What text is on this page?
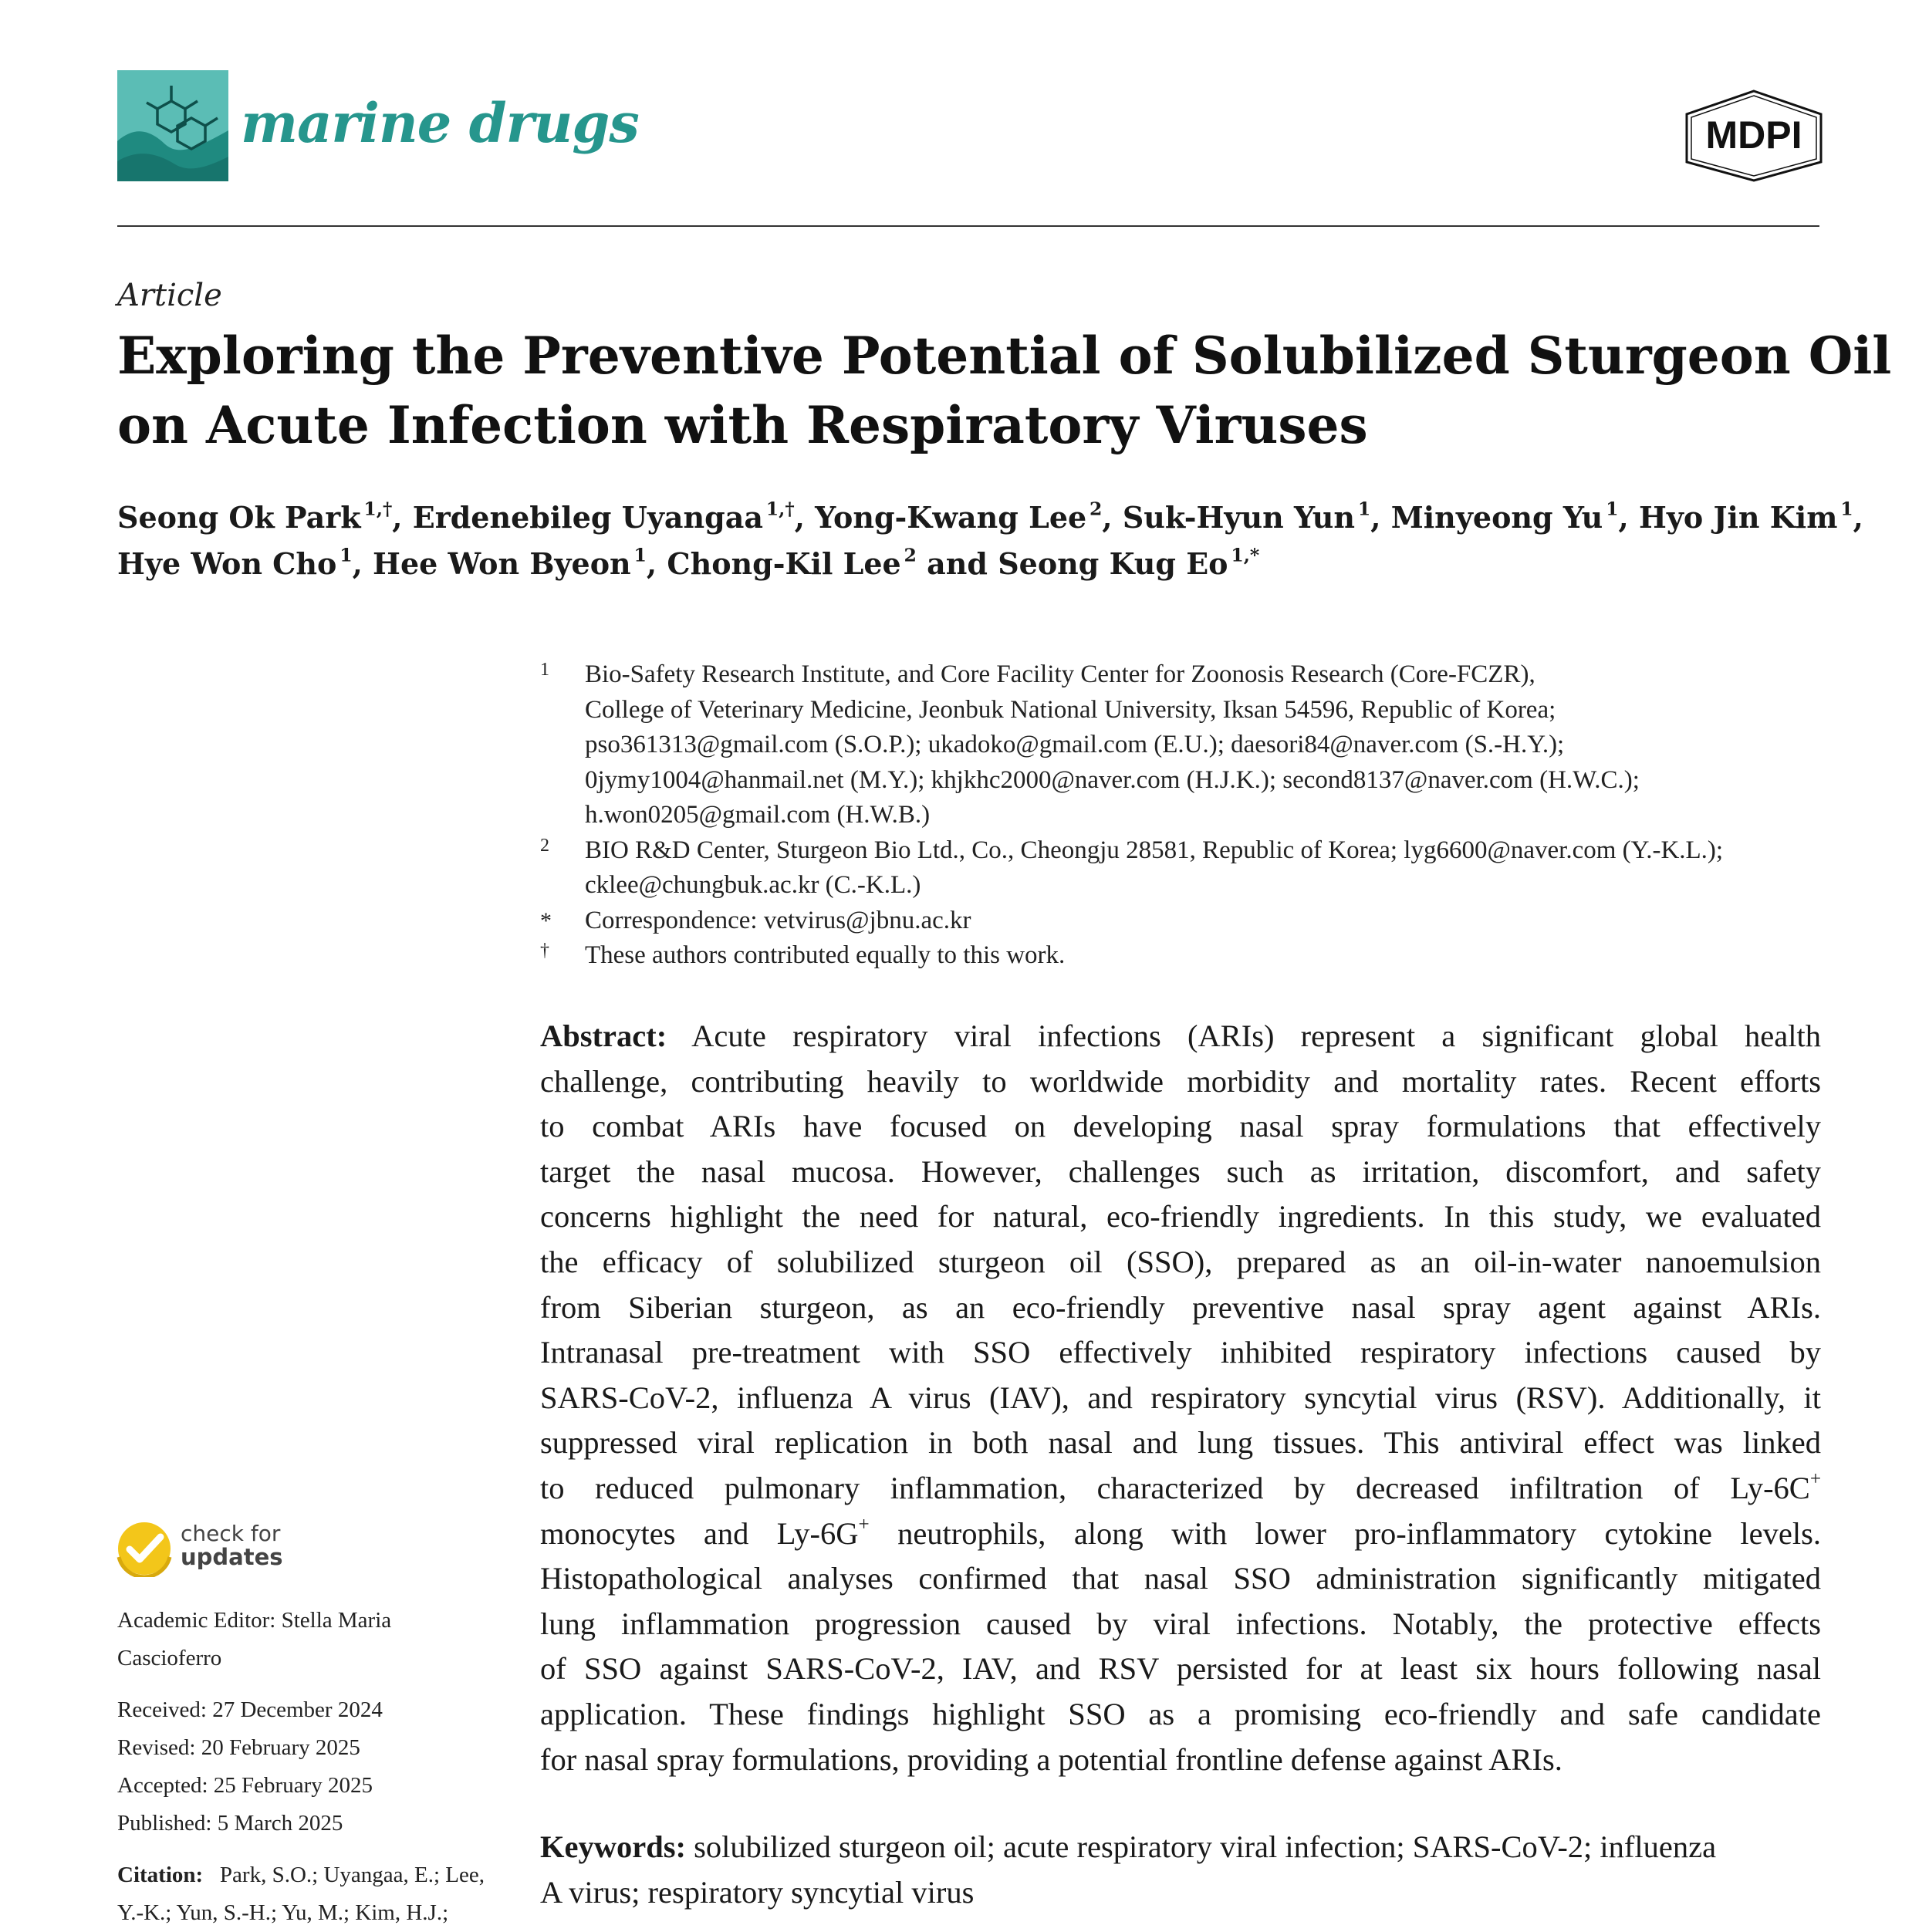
marine drugs	MDPI
Article
Exploring the Preventive Potential of Solubilized Sturgeon Oil
on Acute Infection with Respiratory Viruses
Seong Ok Park  $^{1,\dagger}$, Erdenebileg Uyangaa  $^{1,\dagger}$, Yong-Kwang Lee  $^2$, Suk-Hyun Yun  $^1$, Minyeong Yu  $^1$, Hyo Jin Kim  $^1$,
Hye Won Cho  $^1$, Hee Won Byeon  $^1$, Chong-Kil Lee  $^2$ and Seong Kug Eo  $^{1,*}$
1 Bio-Safety Research Institute, and Core Facility Center for Zoonosis Research (Core-FCZR),
College of Veterinary Medicine, Jeonbuk National University, Iksan 54596, Republic of Korea;
pso361313@gmail.com (S.O.P.); ukadoko@gmail.com (E.U.); daesori84@naver.com (S.-H.Y.);
0jymy1004@hanmail.net (M.Y.); khjkhc2000@naver.com (H.J.K.); second8137@naver.com (H.W.C.);
h.won0205@gmail.com (H.W.B.)
2 BIO R&D Center, Sturgeon Bio Ltd., Co., Cheongju 28581, Republic of Korea; lyg6600@naver.com (Y.-K.L.);
cklee@chungbuk.ac.kr (C.-K.L.)
* Correspondence: vetvirus@jbnu.ac.kr
† These authors contributed equally to this work.
Abstract: Acute respiratory viral infections (ARIs) represent a significant global health
challenge, contributing heavily to worldwide morbidity and mortality rates. Recent efforts
to combat ARIs have focused on developing nasal spray formulations that effectively
target the nasal mucosa. However, challenges such as irritation, discomfort, and safety
concerns highlight the need for natural, eco-friendly ingredients. In this study, we evaluated
the efficacy of solubilized sturgeon oil (SSO), prepared as an oil-in-water nanoemulsion
from Siberian sturgeon, as an eco-friendly preventive nasal spray agent against ARIs.
Intranasal pre-treatment with SSO effectively inhibited respiratory infections caused by
SARS-CoV-2, influenza A virus (IAV), and respiratory syncytial virus (RSV). Additionally, it
suppressed viral replication in both nasal and lung tissues. This antiviral effect was linked
to reduced pulmonary inflammation, characterized by decreased infiltration of Ly-6C+
monocytes and Ly-6G+ neutrophils, along with lower pro-inflammatory cytokine levels.
Histopathological analyses confirmed that nasal SSO administration significantly mitigated
lung inflammation progression caused by viral infections. Notably, the protective effects
of SSO against SARS-CoV-2, IAV, and RSV persisted for at least six hours following nasal
application. These findings highlight SSO as a promising eco-friendly and safe candidate
for nasal spray formulations, providing a potential frontline defense against ARIs.
Keywords: solubilized sturgeon oil; acute respiratory viral infection; SARS-CoV-2; influenza
A virus; respiratory syncytial virus
check for
updates
Academic Editor: Stella Maria
Cascioferro
Received: 27 December 2024
Revised: 20 February 2025
Accepted: 25 February 2025
Published: 5 March 2025
Citation: Park, S.O.; Uyangaa, E.; Lee,
Y.-K.; Yun, S.-H.; Yu, M.; Kim, H.J.;
